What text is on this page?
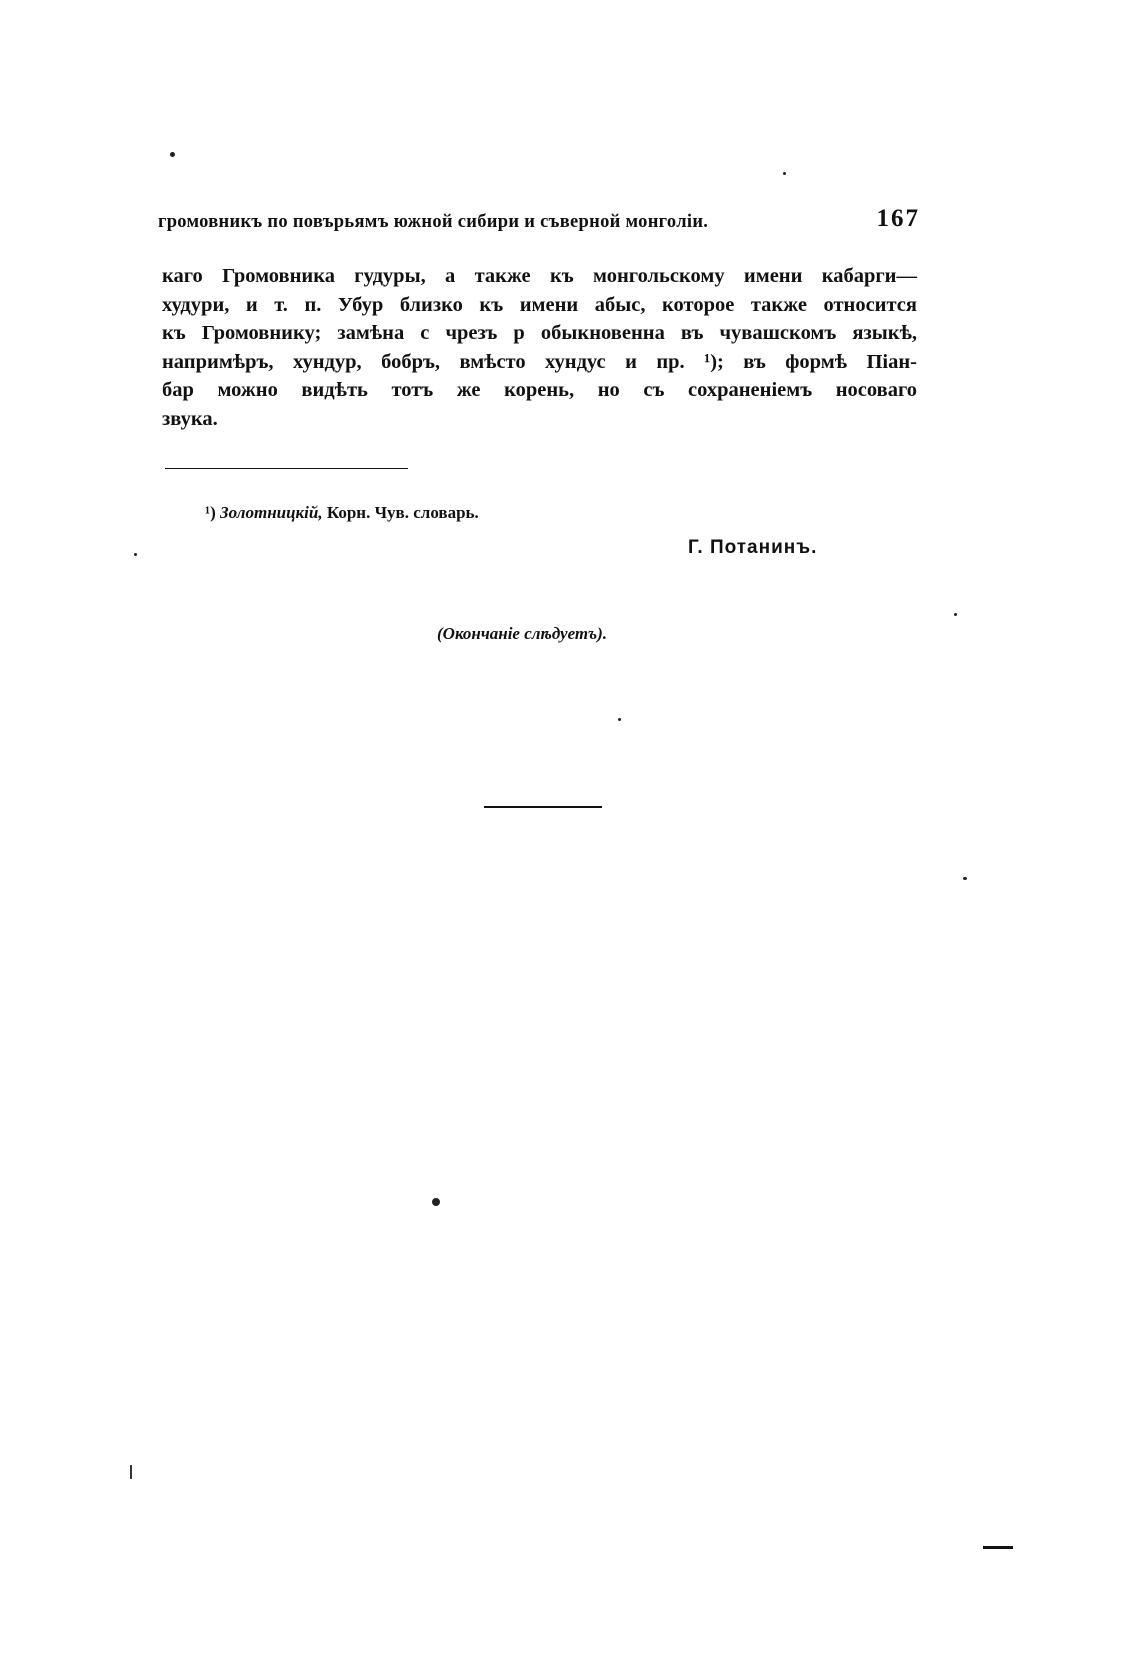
громовникъ по повърьямъ южной сибири и съверной монголіи.	167
каго Громовника гудуры, а также къ монгольскому имени кабарги—
худури, и т. п. Убур близко къ имени абыс, которое также относится
къ Громовнику; замѣна с чрезъ р обыкновенна въ чувашскомъ языкѣ,
напримѣръ, хундур, бобръ, вмѣсто хундус и пр. ¹); въ формѣ Піан-
бар можно видѣть тотъ же корень, но съ сохраненіемъ носоваго
звука.
¹) Золотницкій, Корн. Чув. словарь.
Г. Потанинъ.
(Окончаніе слѣдуетъ).
